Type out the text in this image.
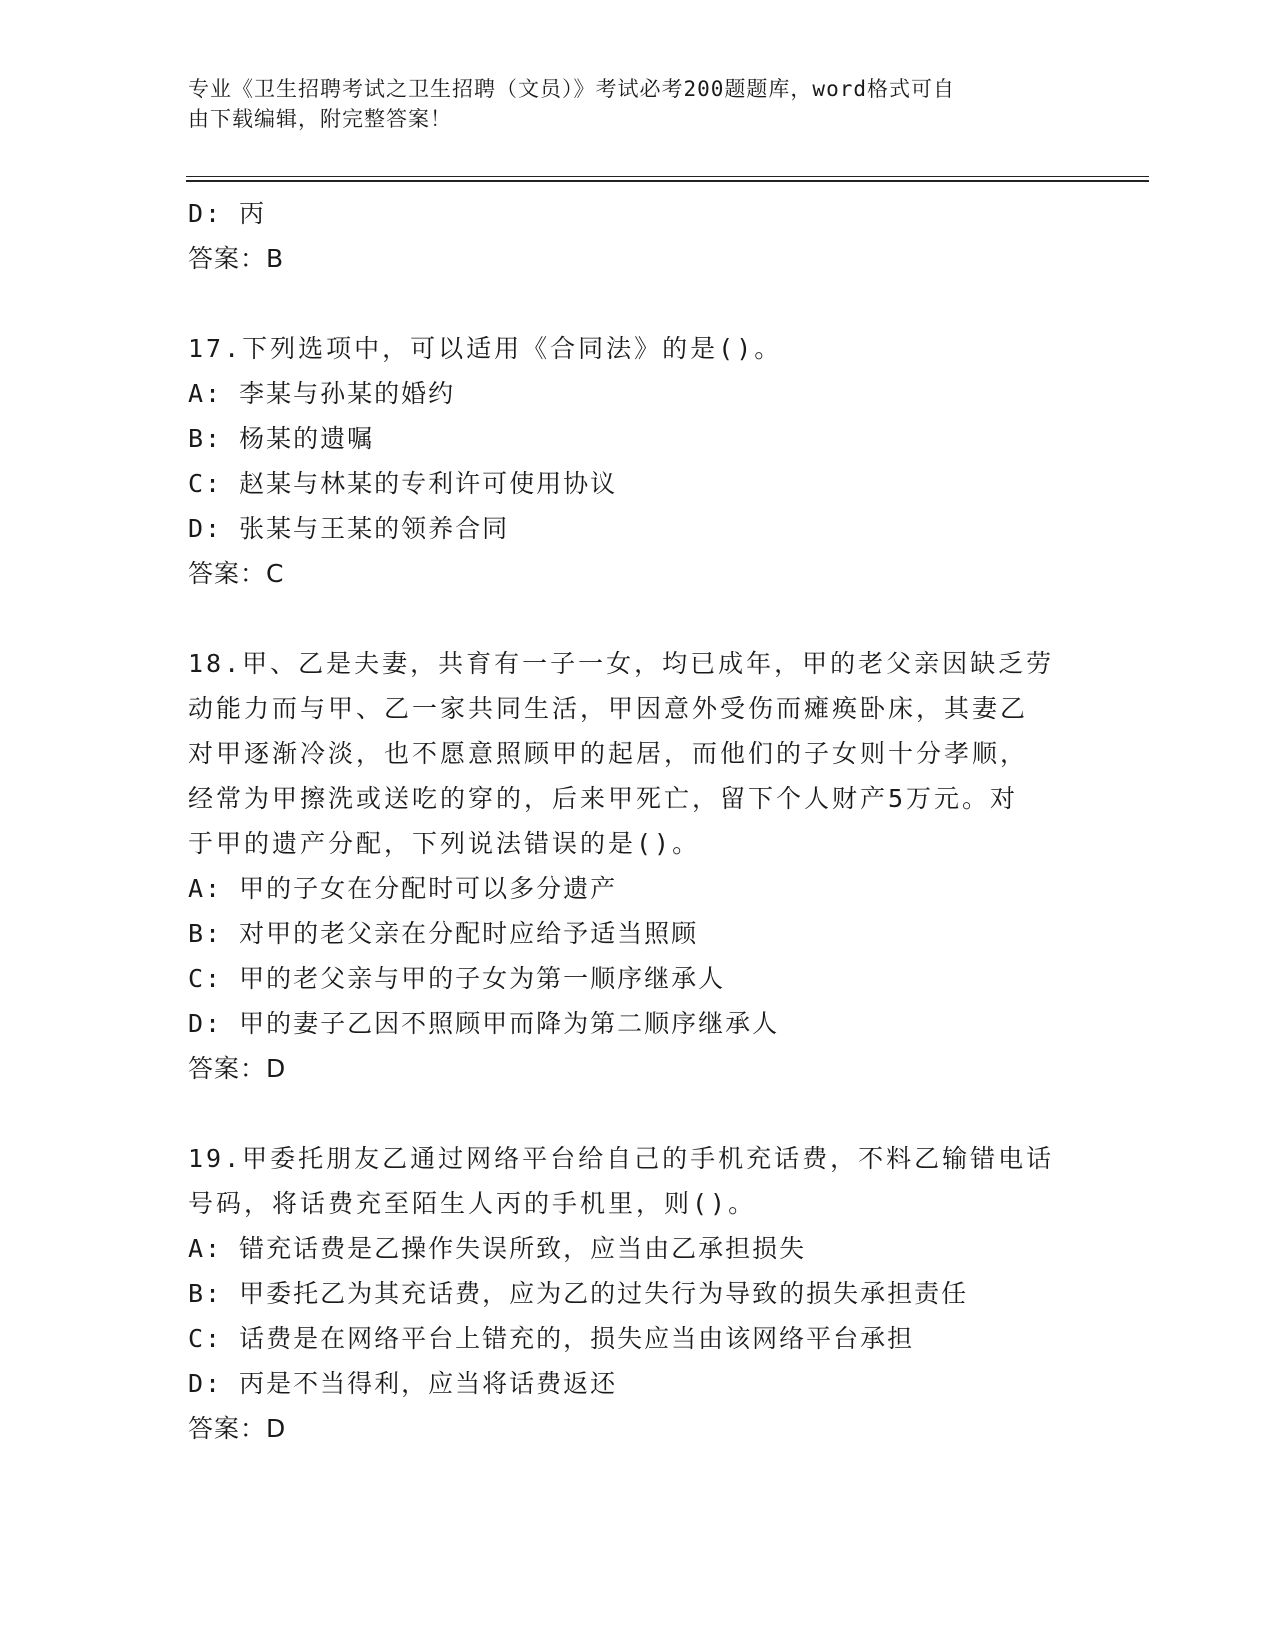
专业《卫生招聘考试之卫生招聘（文员）》考试必考200题题库，word格式可自
由下载编辑，附完整答案！
D: 丙
答案：B
17.下列选项中，可以适用《合同法》的是()。
A: 李某与孙某的婚约
B: 杨某的遗嘱
C: 赵某与林某的专利许可使用协议
D: 张某与王某的领养合同
答案：C
18.甲、乙是夫妻，共育有一子一女，均已成年，甲的老父亲因缺乏劳
动能力而与甲、乙一家共同生活，甲因意外受伤而瘫痪卧床，其妻乙
对甲逐渐冷淡，也不愿意照顾甲的起居，而他们的子女则十分孝顺，
经常为甲擦洗或送吃的穿的，后来甲死亡，留下个人财产5万元。对
于甲的遗产分配，下列说法错误的是()。
A: 甲的子女在分配时可以多分遗产
B: 对甲的老父亲在分配时应给予适当照顾
C: 甲的老父亲与甲的子女为第一顺序继承人
D: 甲的妻子乙因不照顾甲而降为第二顺序继承人
答案：D
19.甲委托朋友乙通过网络平台给自己的手机充话费，不料乙输错电话
号码，将话费充至陌生人丙的手机里，则()。
A: 错充话费是乙操作失误所致，应当由乙承担损失
B: 甲委托乙为其充话费，应为乙的过失行为导致的损失承担责任
C: 话费是在网络平台上错充的，损失应当由该网络平台承担
D: 丙是不当得利，应当将话费返还
答案：D
